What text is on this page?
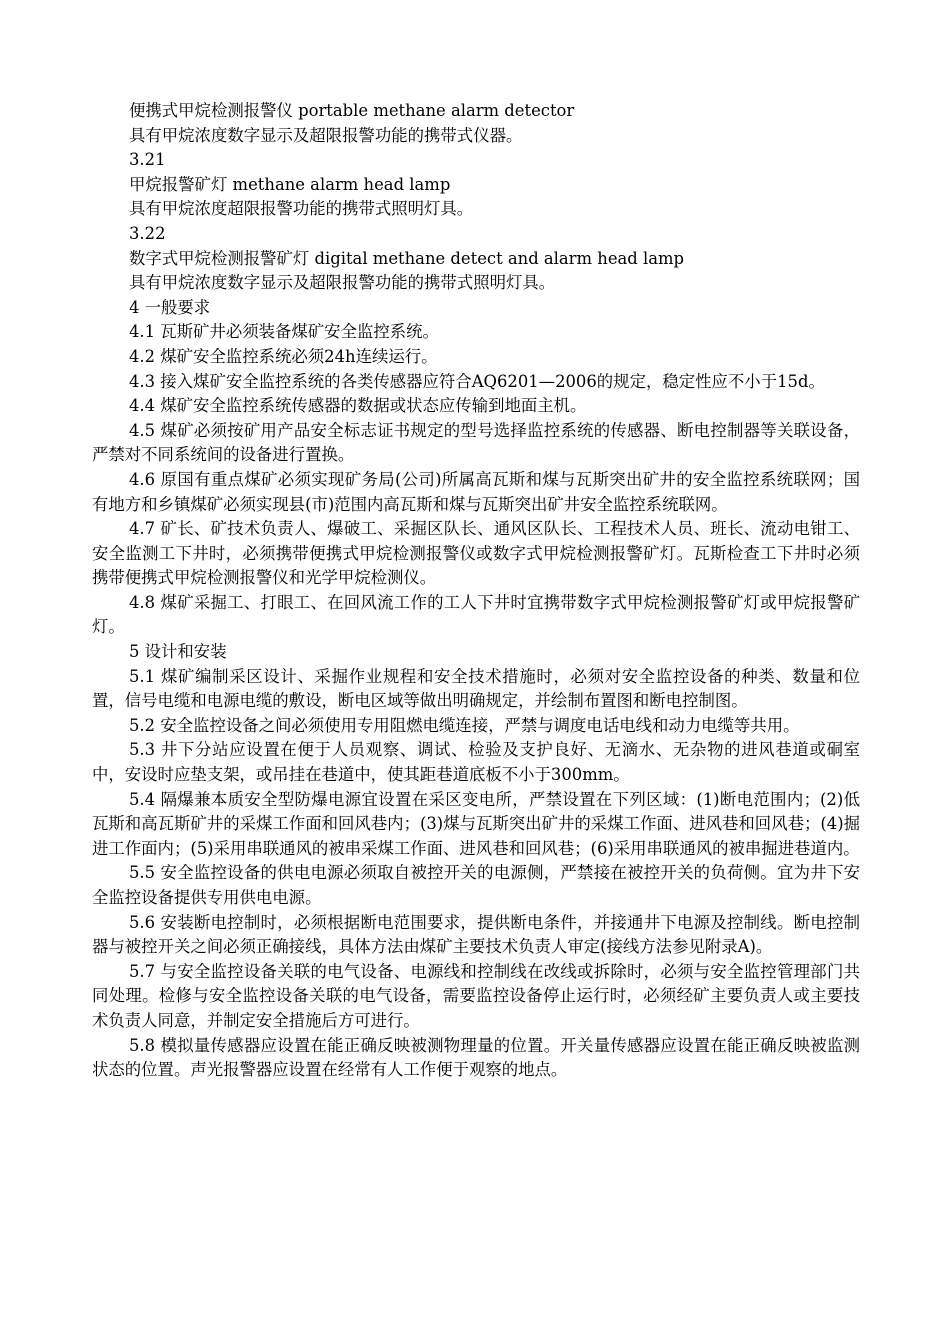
便携式甲烷检测报警仪 portable methane alarm detector

具有甲烷浓度数字显示及超限报警功能的携带式仪器。

3.21

甲烷报警矿灯 methane alarm head lamp

具有甲烷浓度超限报警功能的携带式照明灯具。

3.22

数字式甲烷检测报警矿灯 digital methane detect and alarm head lamp

具有甲烷浓度数字显示及超限报警功能的携带式照明灯具。

4 一般要求

4.1 瓦斯矿井必须装备煤矿安全监控系统。

4.2 煤矿安全监控系统必须24h连续运行。

4.3 接入煤矿安全监控系统的各类传感器应符合AQ6201—2006的规定，稳定性应不小于15d。

4.4 煤矿安全监控系统传感器的数据或状态应传输到地面主机。

4.5 煤矿必须按矿用产品安全标志证书规定的型号选择监控系统的传感器、断电控制器等关联设备，严禁对不同系统间的设备进行置换。

4.6 原国有重点煤矿必须实现矿务局(公司)所属高瓦斯和煤与瓦斯突出矿井的安全监控系统联网；国有地方和乡镇煤矿必须实现县(市)范围内高瓦斯和煤与瓦斯突出矿井安全监控系统联网。

4.7 矿长、矿技术负责人、爆破工、采掘区队长、通风区队长、工程技术人员、班长、流动电钳工、安全监测工下井时，必须携带便携式甲烷检测报警仪或数字式甲烷检测报警矿灯。瓦斯检查工下井时必须携带便携式甲烷检测报警仪和光学甲烷检测仪。

4.8 煤矿采掘工、打眼工、在回风流工作的工人下井时宜携带数字式甲烷检测报警矿灯或甲烷报警矿灯。

5 设计和安装

5.1 煤矿编制采区设计、采掘作业规程和安全技术措施时，必须对安全监控设备的种类、数量和位置，信号电缆和电源电缆的敷设，断电区域等做出明确规定，并绘制布置图和断电控制图。

5.2 安全监控设备之间必须使用专用阻燃电缆连接，严禁与调度电话电线和动力电缆等共用。

5.3 井下分站应设置在便于人员观察、调试、检验及支护良好、无滴水、无杂物的进风巷道或硐室中，安设时应垫支架，或吊挂在巷道中，使其距巷道底板不小于300mm。

5.4 隔爆兼本质安全型防爆电源宜设置在采区变电所，严禁设置在下列区域：(1)断电范围内；(2)低瓦斯和高瓦斯矿井的采煤工作面和回风巷内；(3)煤与瓦斯突出矿井的采煤工作面、进风巷和回风巷；(4)掘进工作面内；(5)采用串联通风的被串采煤工作面、进风巷和回风巷；(6)采用串联通风的被串掘进巷道内。

5.5 安全监控设备的供电电源必须取自被控开关的电源侧，严禁接在被控开关的负荷侧。宜为井下安全监控设备提供专用供电电源。

5.6 安装断电控制时，必须根据断电范围要求，提供断电条件，并接通井下电源及控制线。断电控制器与被控开关之间必须正确接线，具体方法由煤矿主要技术负责人审定(接线方法参见附录A)。

5.7 与安全监控设备关联的电气设备、电源线和控制线在改线或拆除时，必须与安全监控管理部门共同处理。检修与安全监控设备关联的电气设备，需要监控设备停止运行时，必须经矿主要负责人或主要技术负责人同意，并制定安全措施后方可进行。

5.8 模拟量传感器应设置在能正确反映被测物理量的位置。开关量传感器应设置在能正确反映被监测状态的位置。声光报警器应设置在经常有人工作便于观察的地点。
